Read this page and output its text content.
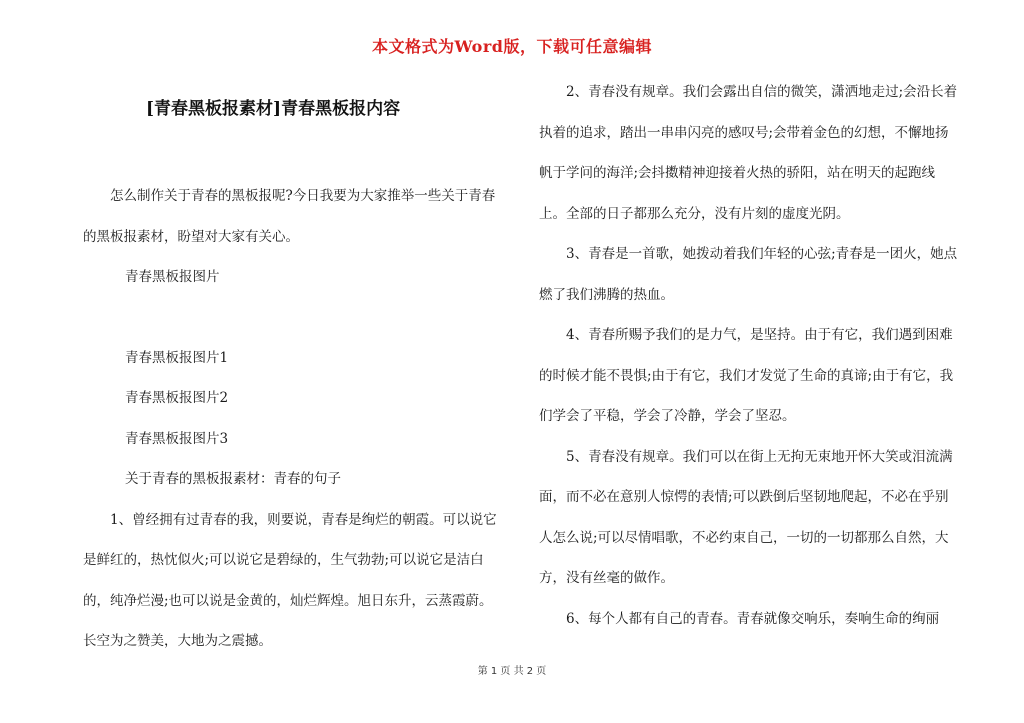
本文格式为Word版，下载可任意编辑
[青春黑板报素材]青春黑板报内容

怎么制作关于青春的黑板报呢?今日我要为大家推举一些关于青春的黑板报素材，盼望对大家有关心。

青春黑板报图片

青春黑板报图片1

青春黑板报图片2

青春黑板报图片3

关于青春的黑板报素材：青春的句子

1、曾经拥有过青春的我，则要说，青春是绚烂的朝霞。可以说它是鲜红的，热忱似火;可以说它是碧绿的，生气勃勃;可以说它是洁白的，纯净烂漫;也可以说是金黄的，灿烂辉煌。旭日东升，云蒸霞蔚。长空为之赞美，大地为之震撼。

2、青春没有规章。我们会露出自信的微笑，潇洒地走过;会沿长着执着的追求，踏出一串串闪亮的感叹号;会带着金色的幻想，不懈地扬帆于学问的海洋;会抖擞精神迎接着火热的骄阳，站在明天的起跑线上。全部的日子都那么充分，没有片刻的虚度光阴。

3、青春是一首歌，她拨动着我们年轻的心弦;青春是一团火，她点燃了我们沸腾的热血。

4、青春所赐予我们的是力气，是坚持。由于有它，我们遇到困难的时候才能不畏惧;由于有它，我们才发觉了生命的真谛;由于有它，我们学会了平稳，学会了冷静，学会了坚忍。

5、青春没有规章。我们可以在街上无拘无束地开怀大笑或泪流满面，而不必在意别人惊愕的表情;可以跌倒后坚韧地爬起，不必在乎别人怎么说;可以尽情唱歌，不必约束自己，一切的一切都那么自然，大方，没有丝毫的做作。

6、每个人都有自己的青春。青春就像交响乐，奏响生命的绚丽

第 1 页 共 2 页
